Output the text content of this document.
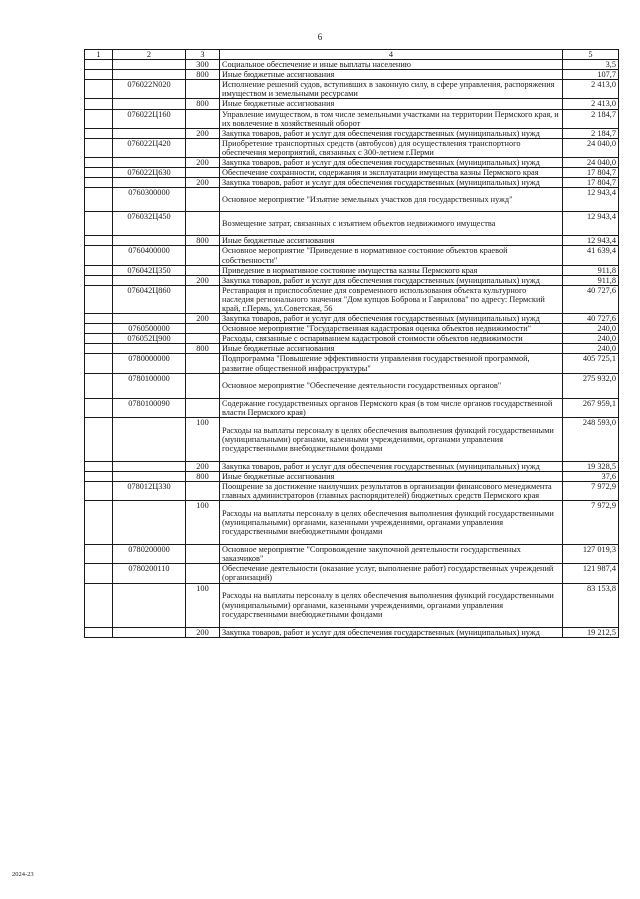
6
1	2	3	4	5
		300	Социальное обеспечение и иные выплаты населению	3,5
		800	Иные бюджетные ассигнования	107,7
	076022N020		Исполнение решений судов, вступивших в законную силу, в сфере управления, распоряжения имуществом и земельными ресурсами	2 413,0
		800	Иные бюджетные ассигнования	2 413,0
	076022Ц160		Управление имуществом, в том числе земельными участками на территории Пермского края, и их вовлечение в хозяйственный оборот	2 184,7
		200	Закупка товаров, работ и услуг для обеспечения государственных (муниципальных) нужд	2 184,7
	076022Ц420		Приобретение транспортных средств (автобусов) для осуществления транспортного обеспечения мероприятий, связанных с 300-летием г.Перми	24 040,0
		200	Закупка товаров, работ и услуг для обеспечения государственных (муниципальных) нужд	24 040,0
	076022Ц630		Обеспечение сохранности, содержания и эксплуатации имущества казны Пермского края	17 804,7
		200	Закупка товаров, работ и услуг для обеспечения государственных (муниципальных) нужд	17 804,7
	0760300000		Основное мероприятие "Изъятие земельных участков для государственных нужд"	12 943,4
	076032Ц450		Возмещение затрат, связанных с изъятием объектов недвижимого имущества	12 943,4
		800	Иные бюджетные ассигнования	12 943,4
	0760400000		Основное мероприятие "Приведение в нормативное состояние объектов краевой собственности"	41 639,4
	076042Ц350		Приведение в нормативное состояние имущества казны Пермского края	911,8
		200	Закупка товаров, работ и услуг для обеспечения государственных (муниципальных) нужд	911,8
	076042Ц860		Реставрация и приспособление для современного использования объекта культурного наследия регионального значения "Дом купцов Боброва и Гаврилова" по адресу: Пермский край, г.Пермь, ул.Советская, 56	40 727,6
		200	Закупка товаров, работ и услуг для обеспечения государственных (муниципальных) нужд	40 727,6
	0760500000		Основное мероприятие "Государственная кадастровая оценка объектов недвижимости"	240,0
	076052Ц900		Расходы, связанные с оспариванием кадастровой стоимости объектов недвижимости	240,0
		800	Иные бюджетные ассигнования	240,0
	0780000000		Подпрограмма "Повышение эффективности управления государственной программой, развитие общественной инфраструктуры"	405 725,1
	0780100000		Основное мероприятие "Обеспечение деятельности государственных органов"	275 932,0
	0780100090		Содержание государственных органов Пермского края (в том числе органов государственной власти Пермского края)	267 959,1
		100	Расходы на выплаты персоналу в целях обеспечения выполнения функций государственными (муниципальными) органами, казенными учреждениями, органами управления государственными внебюджетными фондами	248 593,0
		200	Закупка товаров, работ и услуг для обеспечения государственных (муниципальных) нужд	19 328,5
		800	Иные бюджетные ассигнования	37,6
	078012Ц330		Поощрение за достижение наилучших результатов в организации финансового менеджмента главных администраторов (главных распорядителей) бюджетных средств Пермского края	7 972,9
		100	Расходы на выплаты персоналу в целях обеспечения выполнения функций государственными (муниципальными) органами, казенными учреждениями, органами управления государственными внебюджетными фондами	7 972,9
	0780200000		Основное мероприятие "Сопровождение закупочной деятельности государственных заказчиков"	127 019,3
	0780200110		Обеспечение деятельности (оказание услуг, выполнение работ) государственных учреждений (организаций)	121 987,4
		100	Расходы на выплаты персоналу в целях обеспечения выполнения функций государственными (муниципальными) органами, казенными учреждениями, органами управления государственными внебюджетными фондами	83 153,8
		200	Закупка товаров, работ и услуг для обеспечения государственных (муниципальных) нужд	19 212,5
2024-23
